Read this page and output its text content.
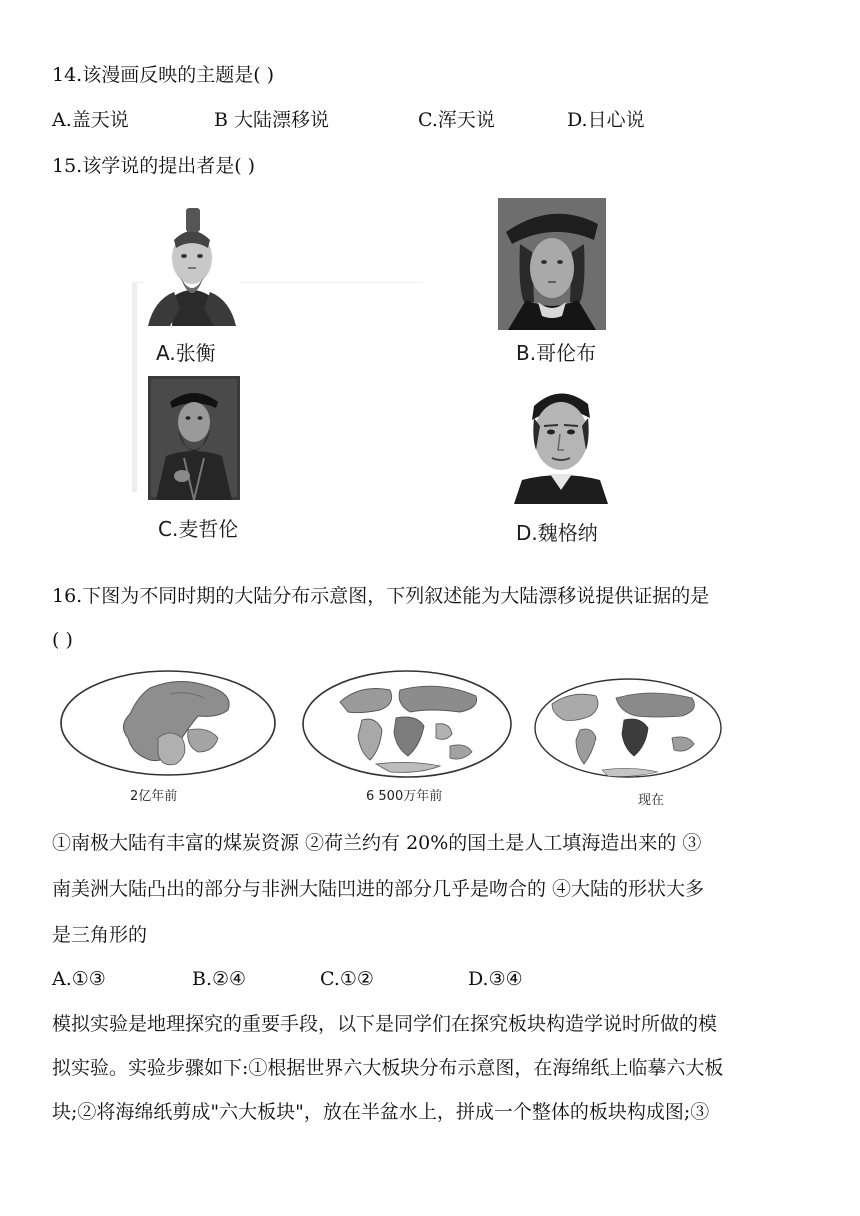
14.该漫画反映的主题是( )
A.盖天说	B 大陆漂移说	C.浑天说	D.日心说
15.该学说的提出者是( )
A.张衡	B.哥伦布
C.麦哲伦	D.魏格纳
16.下图为不同时期的大陆分布示意图，下列叙述能为大陆漂移说提供证据的是
( )
2亿年前	6 500万年前	现在
①南极大陆有丰富的煤炭资源 ②荷兰约有 20%的国土是人工填海造出来的 ③
南美洲大陆凸出的部分与非洲大陆凹进的部分几乎是吻合的 ④大陆的形状大多
是三角形的
A.①③	B.②④	C.①②	D.③④
模拟实验是地理探究的重要手段，以下是同学们在探究板块构造学说时所做的模
拟实验。实验步骤如下:①根据世界六大板块分布示意图，在海绵纸上临摹六大板
块;②将海绵纸剪成"六大板块"，放在半盆水上，拼成一个整体的板块构成图;③
